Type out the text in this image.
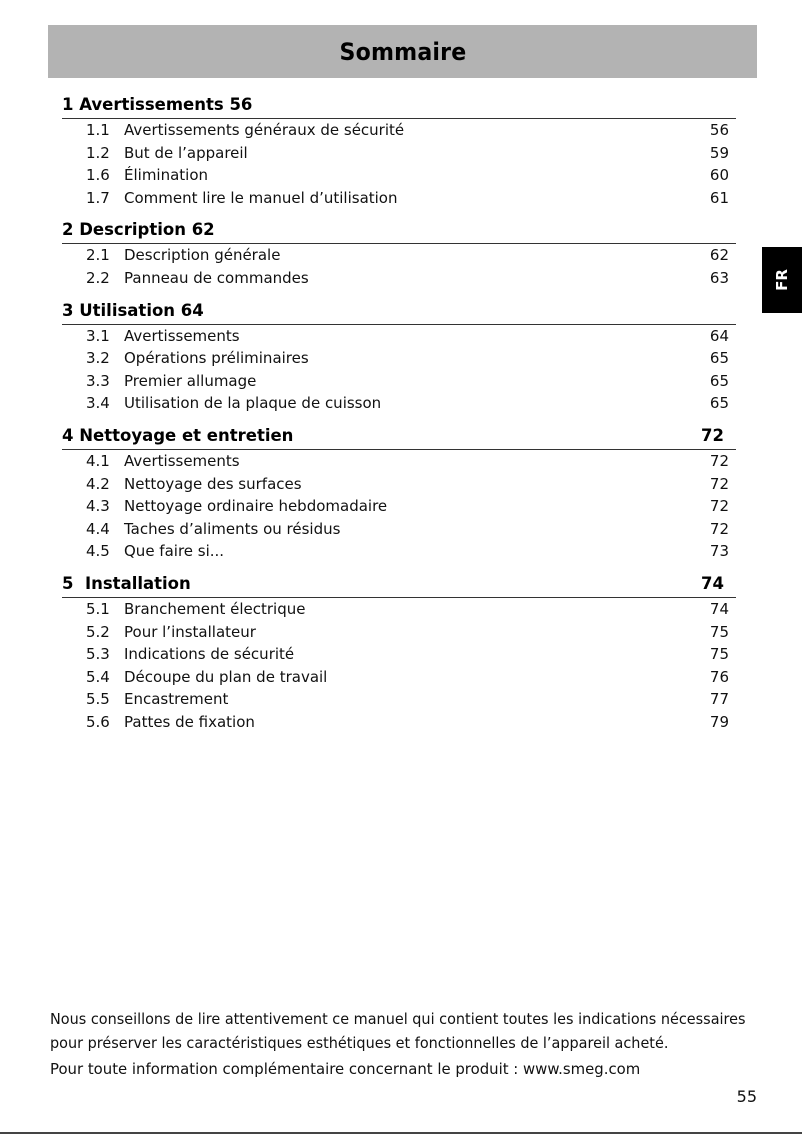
Sommaire
FR
1 Avertissements 56
1.1 Avertissements généraux de sécurité	56
1.2 But de l’appareil	59
1.6 Élimination	60
1.7 Comment lire le manuel d’utilisation	61
2 Description 62
2.1 Description générale	62
2.2 Panneau de commandes	63
3 Utilisation 64
3.1 Avertissements	64
3.2 Opérations préliminaires	65
3.3 Premier allumage	65
3.4 Utilisation de la plaque de cuisson	65
4 Nettoyage et entretien	72
4.1 Avertissements	72
4.2 Nettoyage des surfaces	72
4.3 Nettoyage ordinaire hebdomadaire	72
4.4 Taches d’aliments ou résidus	72
4.5 Que faire si...	73
5  Installation	74
5.1 Branchement électrique	74
5.2 Pour l’installateur	75
5.3 Indications de sécurité	75
5.4 Découpe du plan de travail	76
5.5 Encastrement	77
5.6 Pattes de fixation	79

Nous conseillons de lire attentivement ce manuel qui contient toutes les indications nécessaires

pour préserver les caractéristiques esthétiques et fonctionnelles de l’appareil acheté.

Pour toute information complémentaire concernant le produit : www.smeg.com

55
